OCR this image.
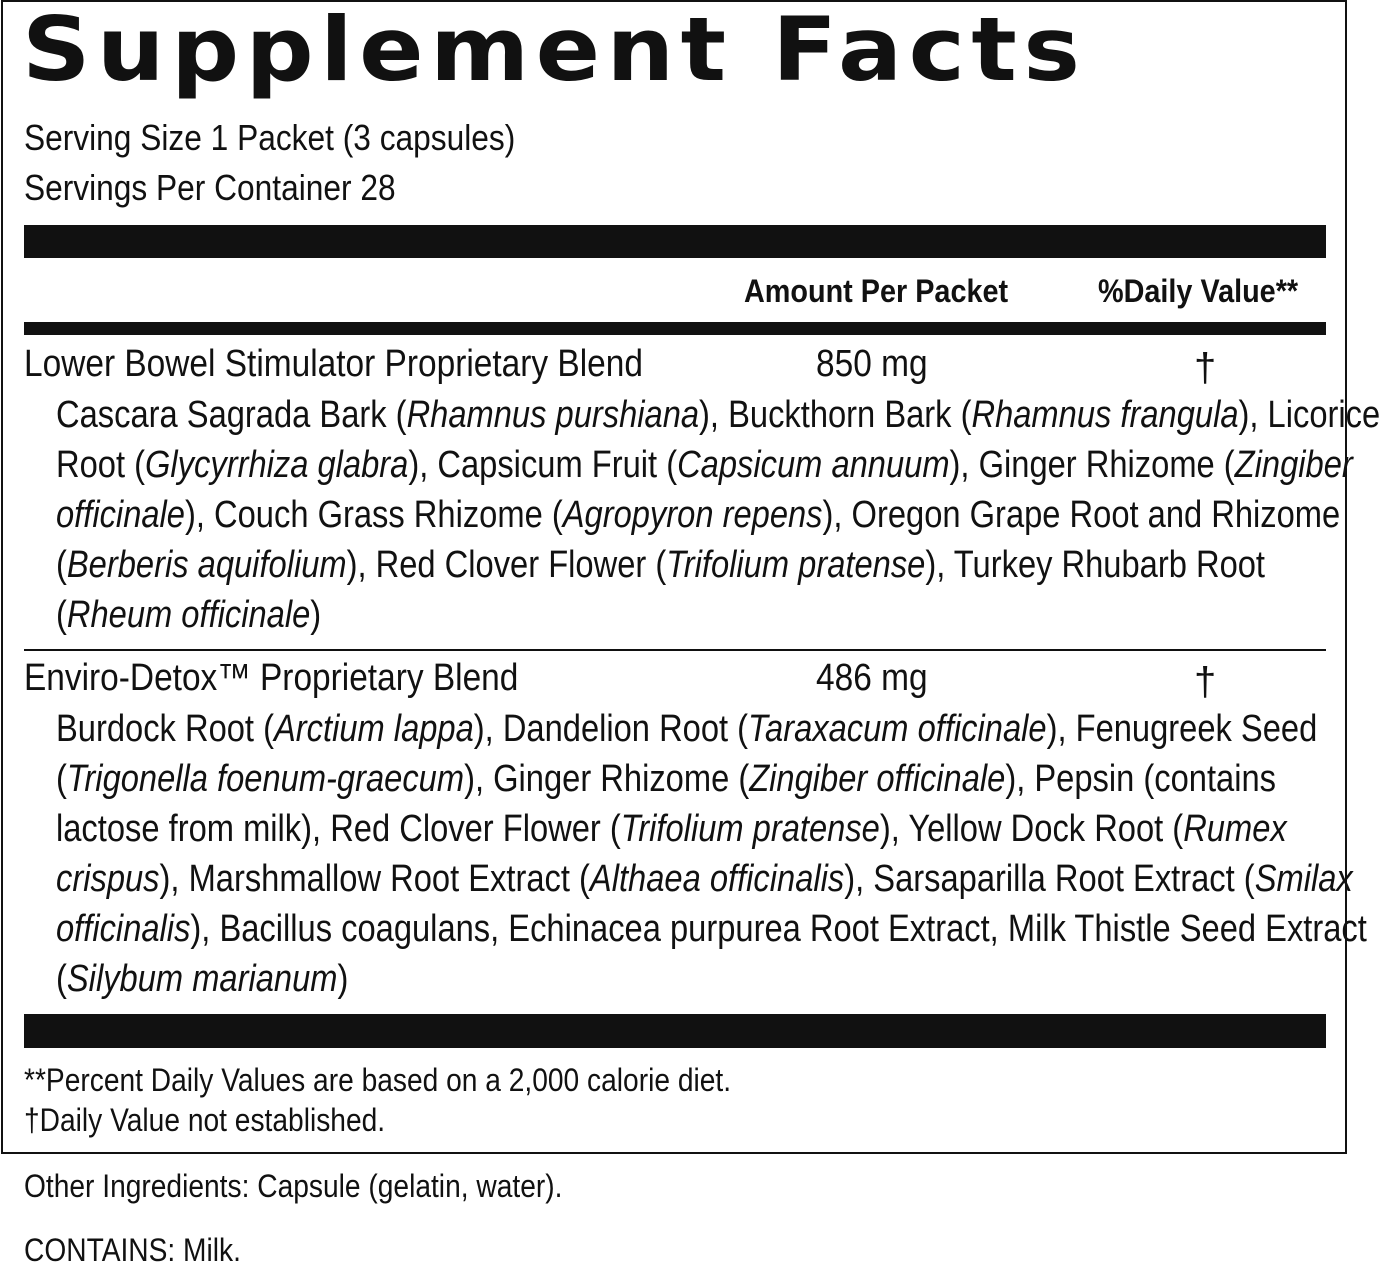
Supplement Facts
Serving Size 1 Packet (3 capsules)
Servings Per Container 28
Amount Per Packet	%Daily Value**
Lower Bowel Stimulator Proprietary Blend	850 mg	†
Cascara Sagrada Bark (Rhamnus purshiana), Buckthorn Bark (Rhamnus frangula), Licorice Root (Glycyrrhiza glabra), Capsicum Fruit (Capsicum annuum), Ginger Rhizome (Zingiber officinale), Couch Grass Rhizome (Agropyron repens), Oregon Grape Root and Rhizome (Berberis aquifolium), Red Clover Flower (Trifolium pratense), Turkey Rhubarb Root (Rheum officinale)
Enviro-Detox™ Proprietary Blend	486 mg	†
Burdock Root (Arctium lappa), Dandelion Root (Taraxacum officinale), Fenugreek Seed (Trigonella foenum-graecum), Ginger Rhizome (Zingiber officinale), Pepsin (contains lactose from milk), Red Clover Flower (Trifolium pratense), Yellow Dock Root (Rumex crispus), Marshmallow Root Extract (Althaea officinalis), Sarsaparilla Root Extract (Smilax officinalis), Bacillus coagulans, Echinacea purpurea Root Extract, Milk Thistle Seed Extract (Silybum marianum)
**Percent Daily Values are based on a 2,000 calorie diet.
†Daily Value not established.
Other Ingredients: Capsule (gelatin, water).
CONTAINS: Milk.
